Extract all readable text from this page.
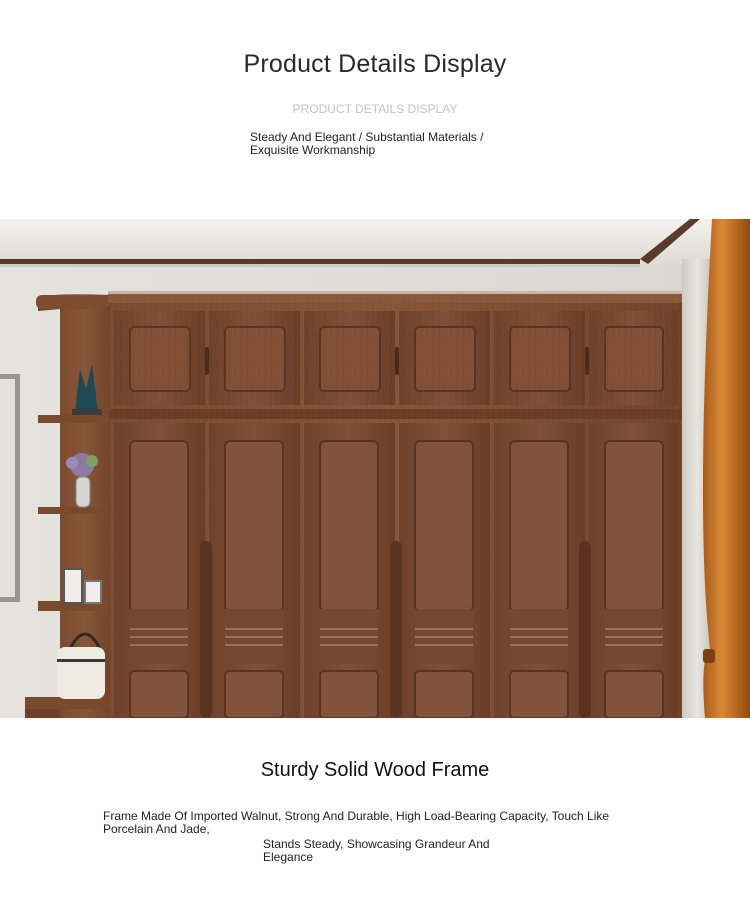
Product Details Display
PRODUCT DETAILS DISPLAY
Steady And Elegant / Substantial Materials / Exquisite Workmanship
Sturdy Solid Wood Frame
Frame Made Of Imported Walnut, Strong And Durable, High Load-Bearing Capacity, Touch Like Porcelain And Jade,
Stands Steady, Showcasing Grandeur And Elegance
